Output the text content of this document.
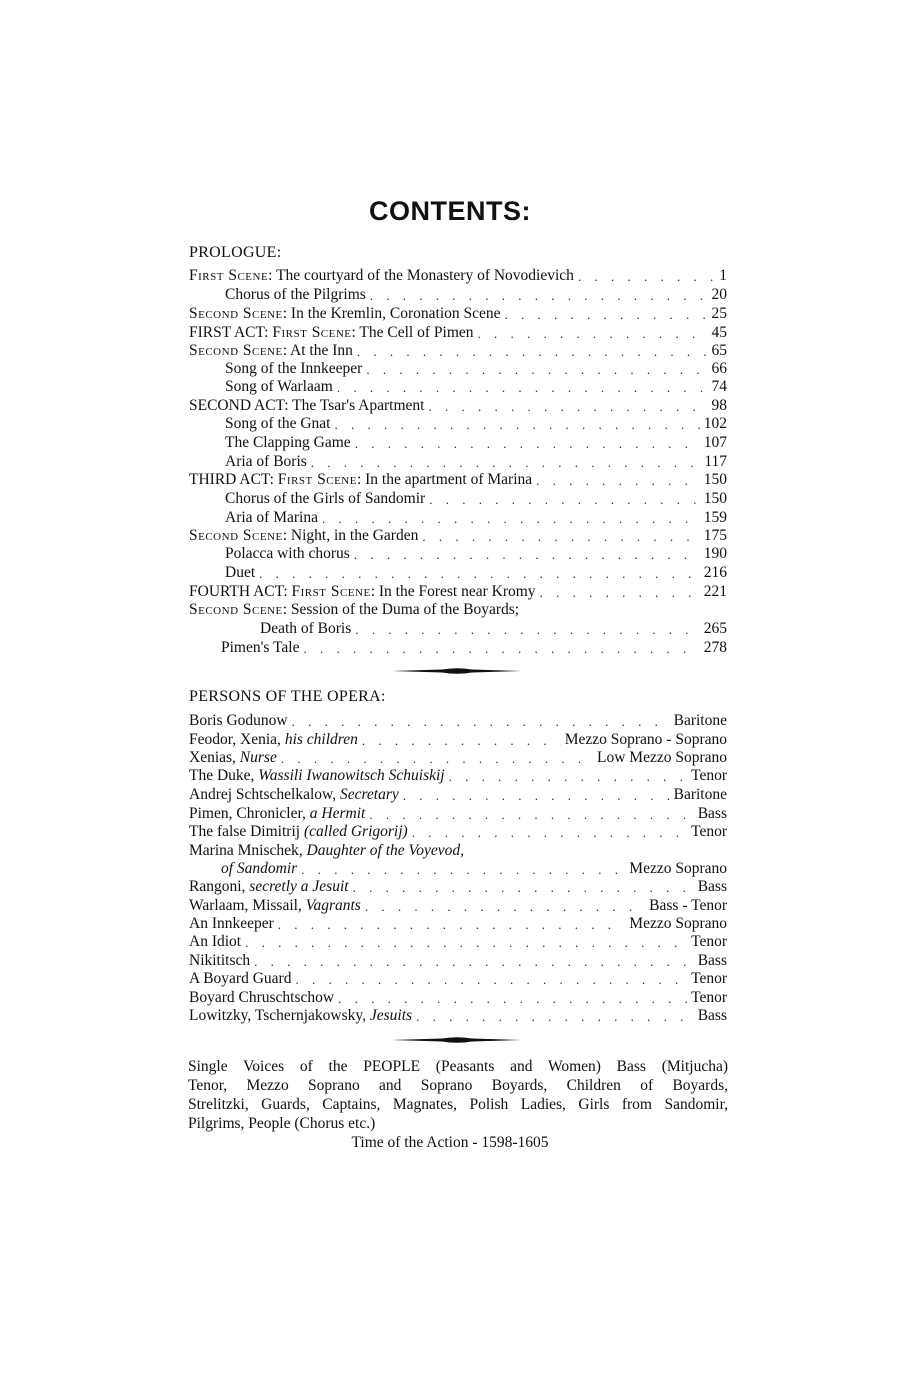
CONTENTS:
PROLOGUE:
First Scene: The courtyard of the Monastery of Novodievich . . .	1
Chorus of the Pilgrims . . .	20
Second Scene: In the Kremlin, Coronation Scene . . .	25
FIRST ACT: First Scene: The Cell of Pimen . . .	45
Second Scene: At the Inn . . .	65
Song of the Innkeeper . . .	66
Song of Warlaam . . .	74
SECOND ACT: The Tsar's Apartment . . .	98
Song of the Gnat . . .	102
The Clapping Game . . .	107
Aria of Boris . . .	117
THIRD ACT: First Scene: In the apartment of Marina . . .	150
Chorus of the Girls of Sandomir . . .	150
Aria of Marina . . .	159
Second Scene: Night, in the Garden . . .	175
Polacca with chorus . . .	190
Duet . . .	216
FOURTH ACT: First Scene: In the Forest near Kromy . . .	221
Second Scene: Session of the Duma of the Boyards;
Death of Boris . . .	265
Pimen's Tale . . .	278
PERSONS OF THE OPERA:
Boris Godunow . . .	Baritone
Feodor, Xenia, his children . . .	Mezzo Soprano - Soprano
Xenias, Nurse . . .	Low Mezzo Soprano
The Duke, Wassili Iwanowitsch Schuiskij . . .	Tenor
Andrej Schtschelkalow, Secretary . . .	Baritone
Pimen, Chronicler, a Hermit . . .	Bass
The false Dimitrij (called Grigorij) . . .	Tenor
Marina Mnischek, Daughter of the Voyevod,
of Sandomir . . .	Mezzo Soprano
Rangoni, secretly a Jesuit . . .	Bass
Warlaam, Missail, Vagrants . . .	Bass - Tenor
An Innkeeper . . .	Mezzo Soprano
An Idiot . . .	Tenor
Nikititsch . . .	Bass
A Boyard Guard . . .	Tenor
Boyard Chruschtschow . . .	Tenor
Lowitzky, Tschernjakowsky, Jesuits . . .	Bass
Single Voices of the PEOPLE (Peasants and Women) Bass (Mitjucha)
Tenor, Mezzo Soprano and Soprano Boyards, Children of Boyards,
Strelitzki, Guards, Captains, Magnates, Polish Ladies, Girls from Sandomir,
Pilgrims, People (Chorus etc.)
Time of the Action - 1598-1605
